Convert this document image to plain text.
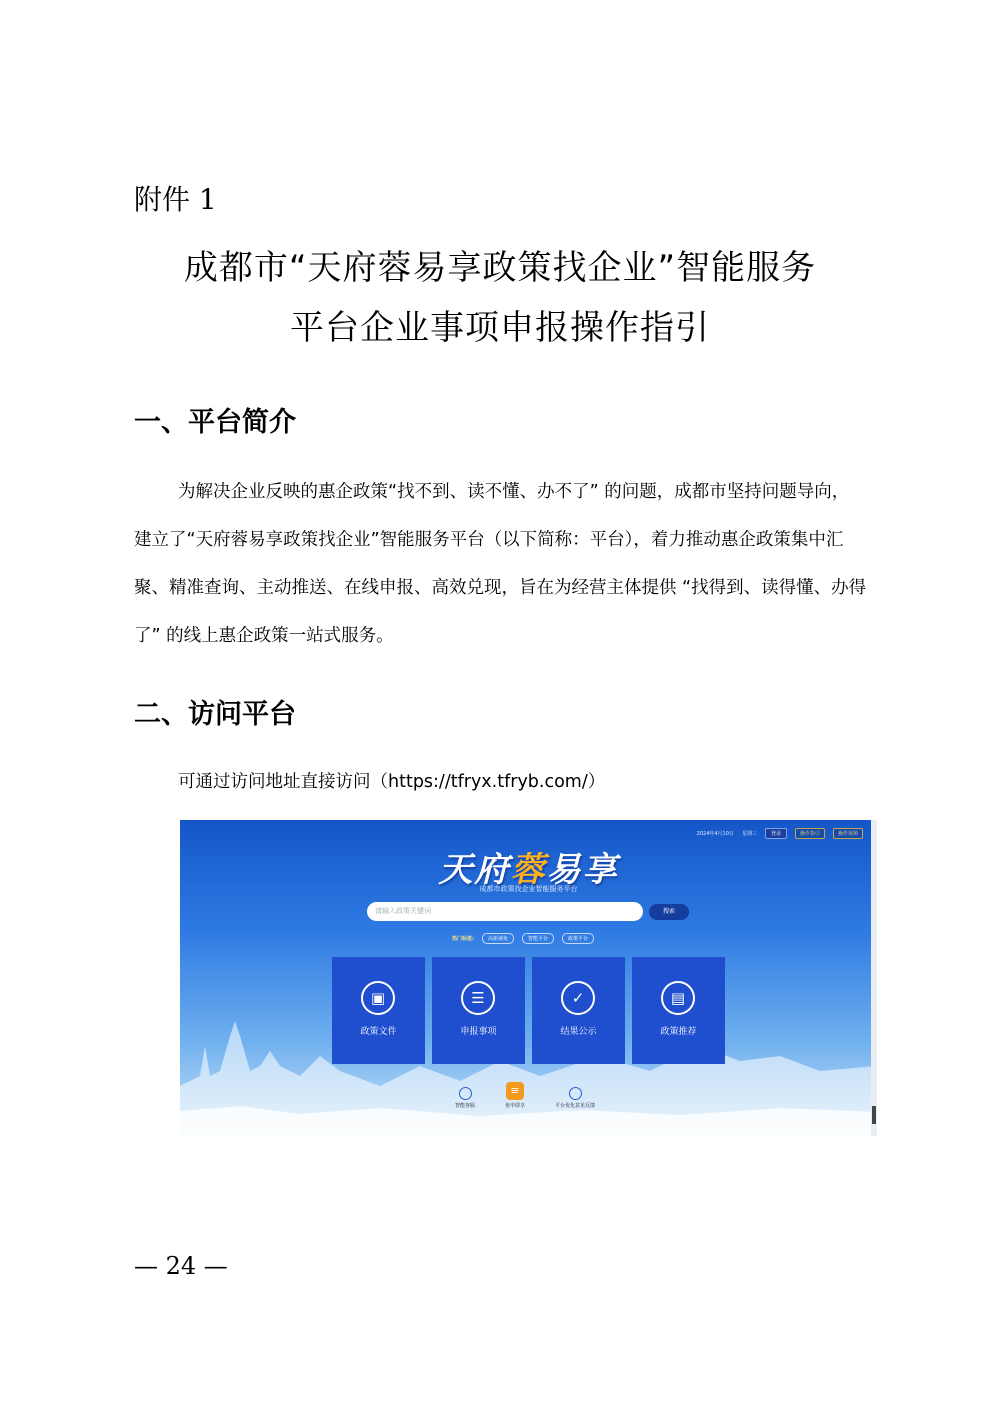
附件 1
成都市“天府蓉易享政策找企业”智能服务
平台企业事项申报操作指引
一、平台简介
为解决企业反映的惠企政策“找不到、读不懂、办不了” 的问题，成都市坚持问题导向，
建立了“天府蓉易享政策找企业”智能服务平台（以下简称：平台），着力推动惠企政策集中汇
聚、精准查询、主动推送、在线申报、高效兑现，旨在为经营主体提供 “找得到、读得懂、办得
了” 的线上惠企政策一站式服务。
二、访问平台
可通过访问地址直接访问（https://tfryx.tfryb.com/）
2024年4月10日 星期三	登录	操作指引	操作视频
天府蓉易享
成都市政策找企业智能服务平台
请输入政策关键词	搜索
热门标签:	高新减免	智能平台	政策平台
▣
政策文件
☰
申报事项
✓
结果公示
▤
政策推荐
智能客服
≡
免申即享	平台优化意见反馈
— 24 —
